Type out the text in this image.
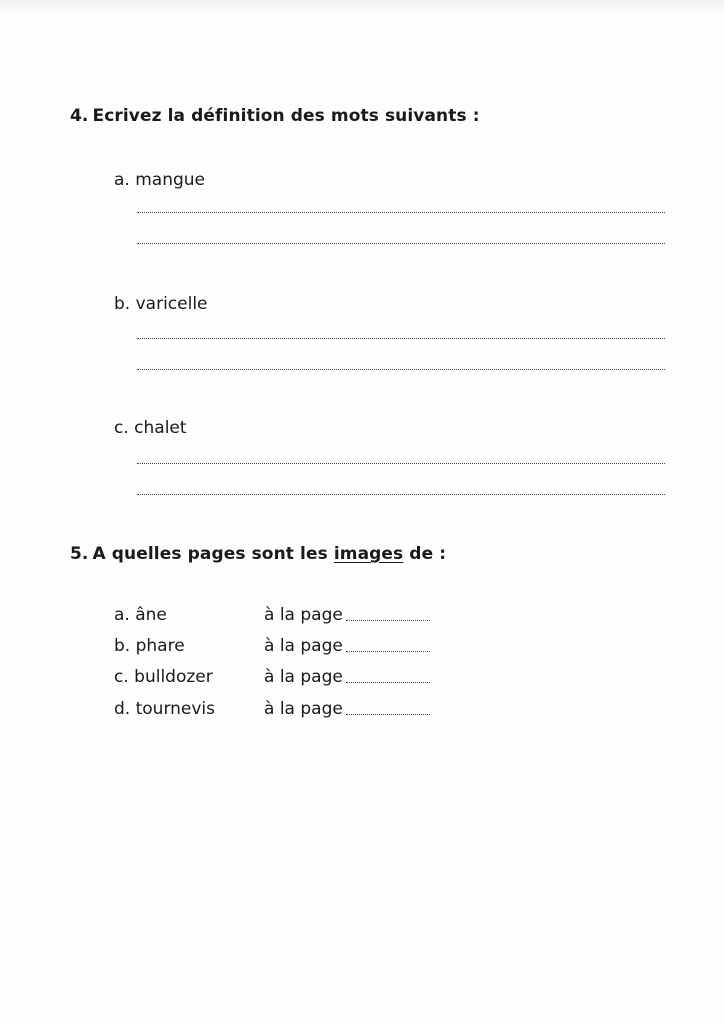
4. Ecrivez la définition des mots suivants :
a. mangue
b. varicelle
c. chalet
5. A quelles pages sont les images de :
a. âne	à la page
b. phare	à la page
c. bulldozer	à la page
d. tournevis	à la page
